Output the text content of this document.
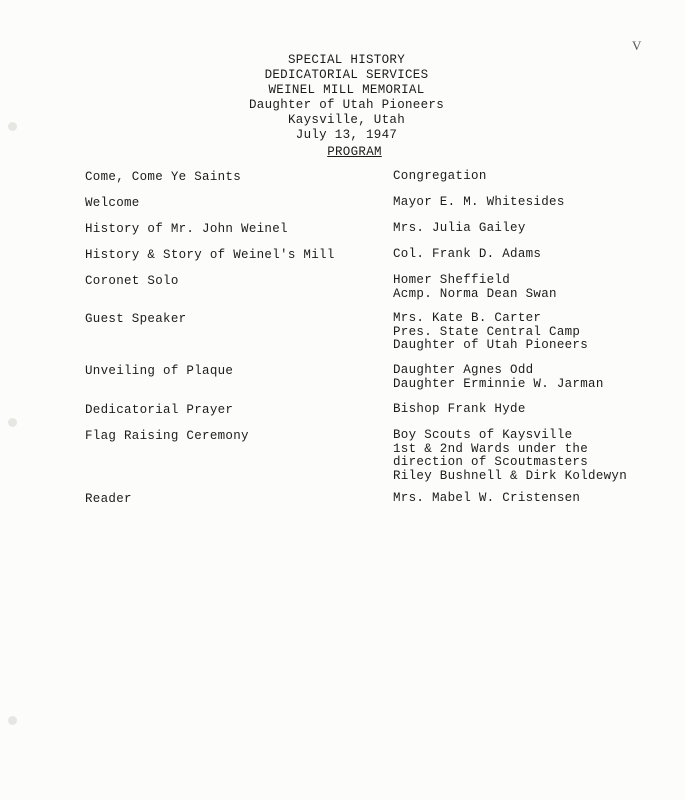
V
SPECIAL HISTORY
DEDICATORIAL SERVICES
WEINEL MILL MEMORIAL
Daughter of Utah Pioneers
Kaysville, Utah
July 13, 1947
PROGRAM
Come, Come Ye Saints	Congregation
Welcome	Mayor E. M. Whitesides
History of Mr. John Weinel	Mrs. Julia Gailey
History & Story of Weinel's Mill	Col. Frank D. Adams
Coronet Solo	Homer Sheffield
Acmp. Norma Dean Swan
Guest Speaker	Mrs. Kate B. Carter
Pres. State Central Camp
Daughter of Utah Pioneers
Unveiling of Plaque	Daughter Agnes Odd
Daughter Erminnie W. Jarman
Dedicatorial Prayer	Bishop Frank Hyde
Flag Raising Ceremony	Boy Scouts of Kaysville
1st & 2nd Wards under the
direction of Scoutmasters
Riley Bushnell & Dirk Koldewyn
Reader	Mrs. Mabel W. Cristensen
